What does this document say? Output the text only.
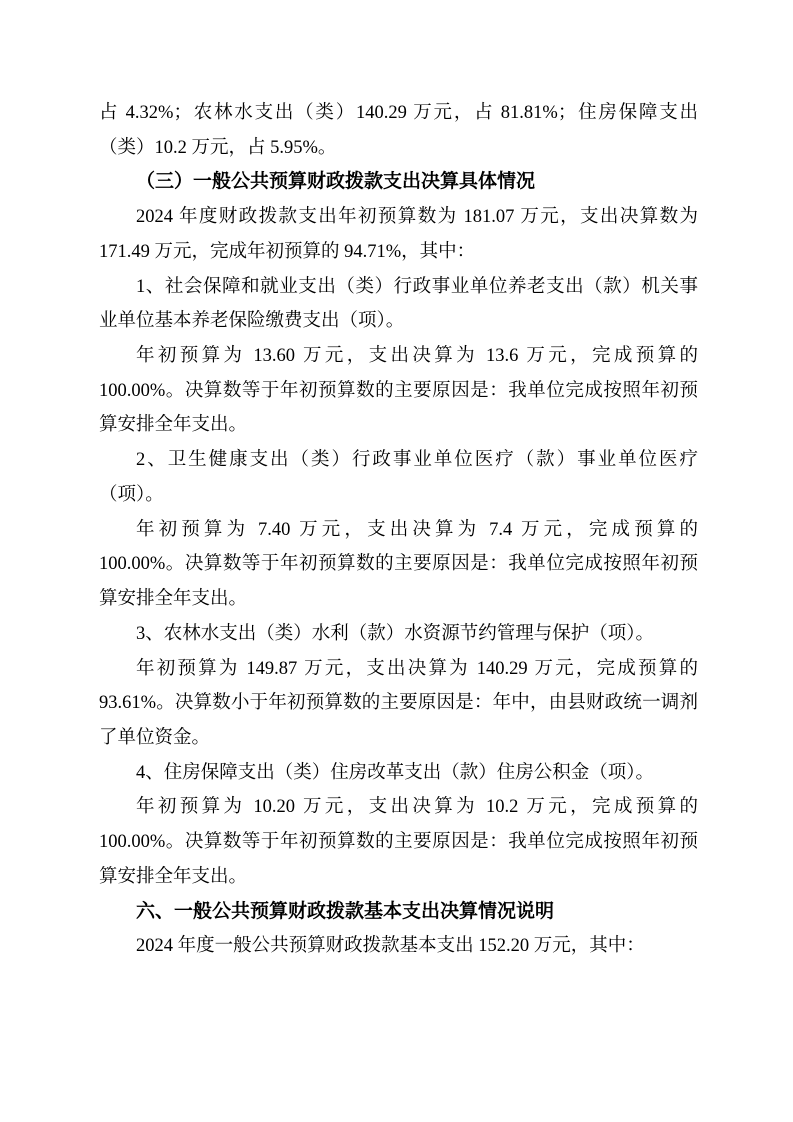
占 4.32%；农林水支出（类）140.29 万元，占 81.81%；住房保障支出
（类）10.2 万元，占 5.95%。
（三）一般公共预算财政拨款支出决算具体情况
2024 年度财政拨款支出年初预算数为 181.07 万元，支出决算数为
171.49 万元，完成年初预算的 94.71%，其中：
1、社会保障和就业支出（类）行政事业单位养老支出（款）机关事
业单位基本养老保险缴费支出（项）。
年初预算为 13.60 万元，支出决算为 13.6 万元，完成预算的
100.00%。决算数等于年初预算数的主要原因是：我单位完成按照年初预
算安排全年支出。
2、卫生健康支出（类）行政事业单位医疗（款）事业单位医疗
（项）。
年初预算为 7.40 万元，支出决算为 7.4 万元，完成预算的
100.00%。决算数等于年初预算数的主要原因是：我单位完成按照年初预
算安排全年支出。
3、农林水支出（类）水利（款）水资源节约管理与保护（项）。
年初预算为 149.87 万元，支出决算为 140.29 万元，完成预算的
93.61%。决算数小于年初预算数的主要原因是：年中，由县财政统一调剂
了单位资金。
4、住房保障支出（类）住房改革支出（款）住房公积金（项）。
年初预算为 10.20 万元，支出决算为 10.2 万元，完成预算的
100.00%。决算数等于年初预算数的主要原因是：我单位完成按照年初预
算安排全年支出。
六、一般公共预算财政拨款基本支出决算情况说明
2024 年度一般公共预算财政拨款基本支出 152.20 万元，其中：
